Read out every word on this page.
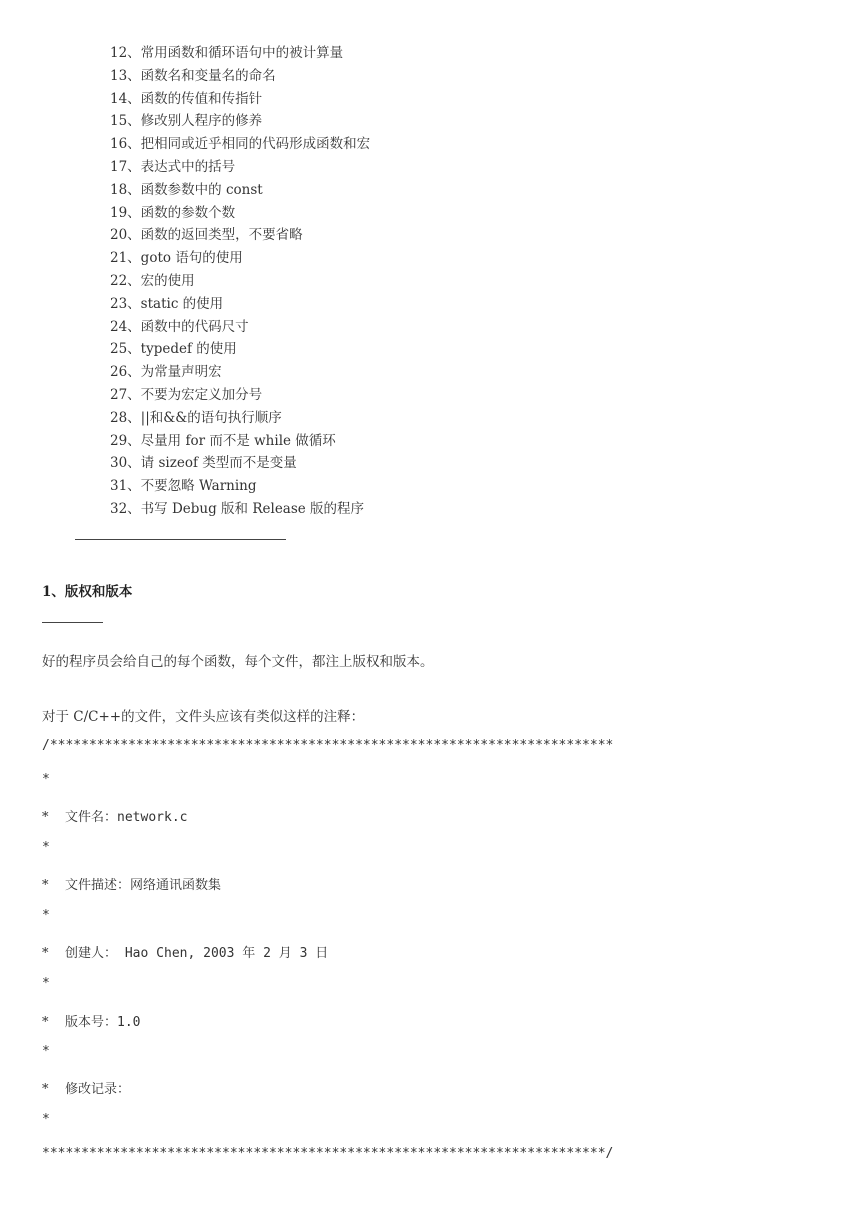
12、常用函数和循环语句中的被计算量
13、函数名和变量名的命名
14、函数的传值和传指针
15、修改别人程序的修养
16、把相同或近乎相同的代码形成函数和宏
17、表达式中的括号
18、函数参数中的 const
19、函数的参数个数
20、函数的返回类型，不要省略
21、goto 语句的使用
22、宏的使用
23、static 的使用
24、函数中的代码尺寸
25、typedef 的使用
26、为常量声明宏
27、不要为宏定义加分号
28、||和&&的语句执行顺序
29、尽量用 for 而不是 while 做循环
30、请 sizeof 类型而不是变量
31、不要忽略 Warning
32、书写 Debug 版和 Release 版的程序
1、版权和版本
好的程序员会给自己的每个函数，每个文件，都注上版权和版本。
对于 C/C++的文件，文件头应该有类似这样的注释：
/************************************************************************
*
*    文件名：network.c
*
*    文件描述：网络通讯函数集
*
*    创建人： Hao Chen, 2003 年 2 月 3 日
*
*    版本号：1.0
*
*    修改记录：
*
************************************************************************/
